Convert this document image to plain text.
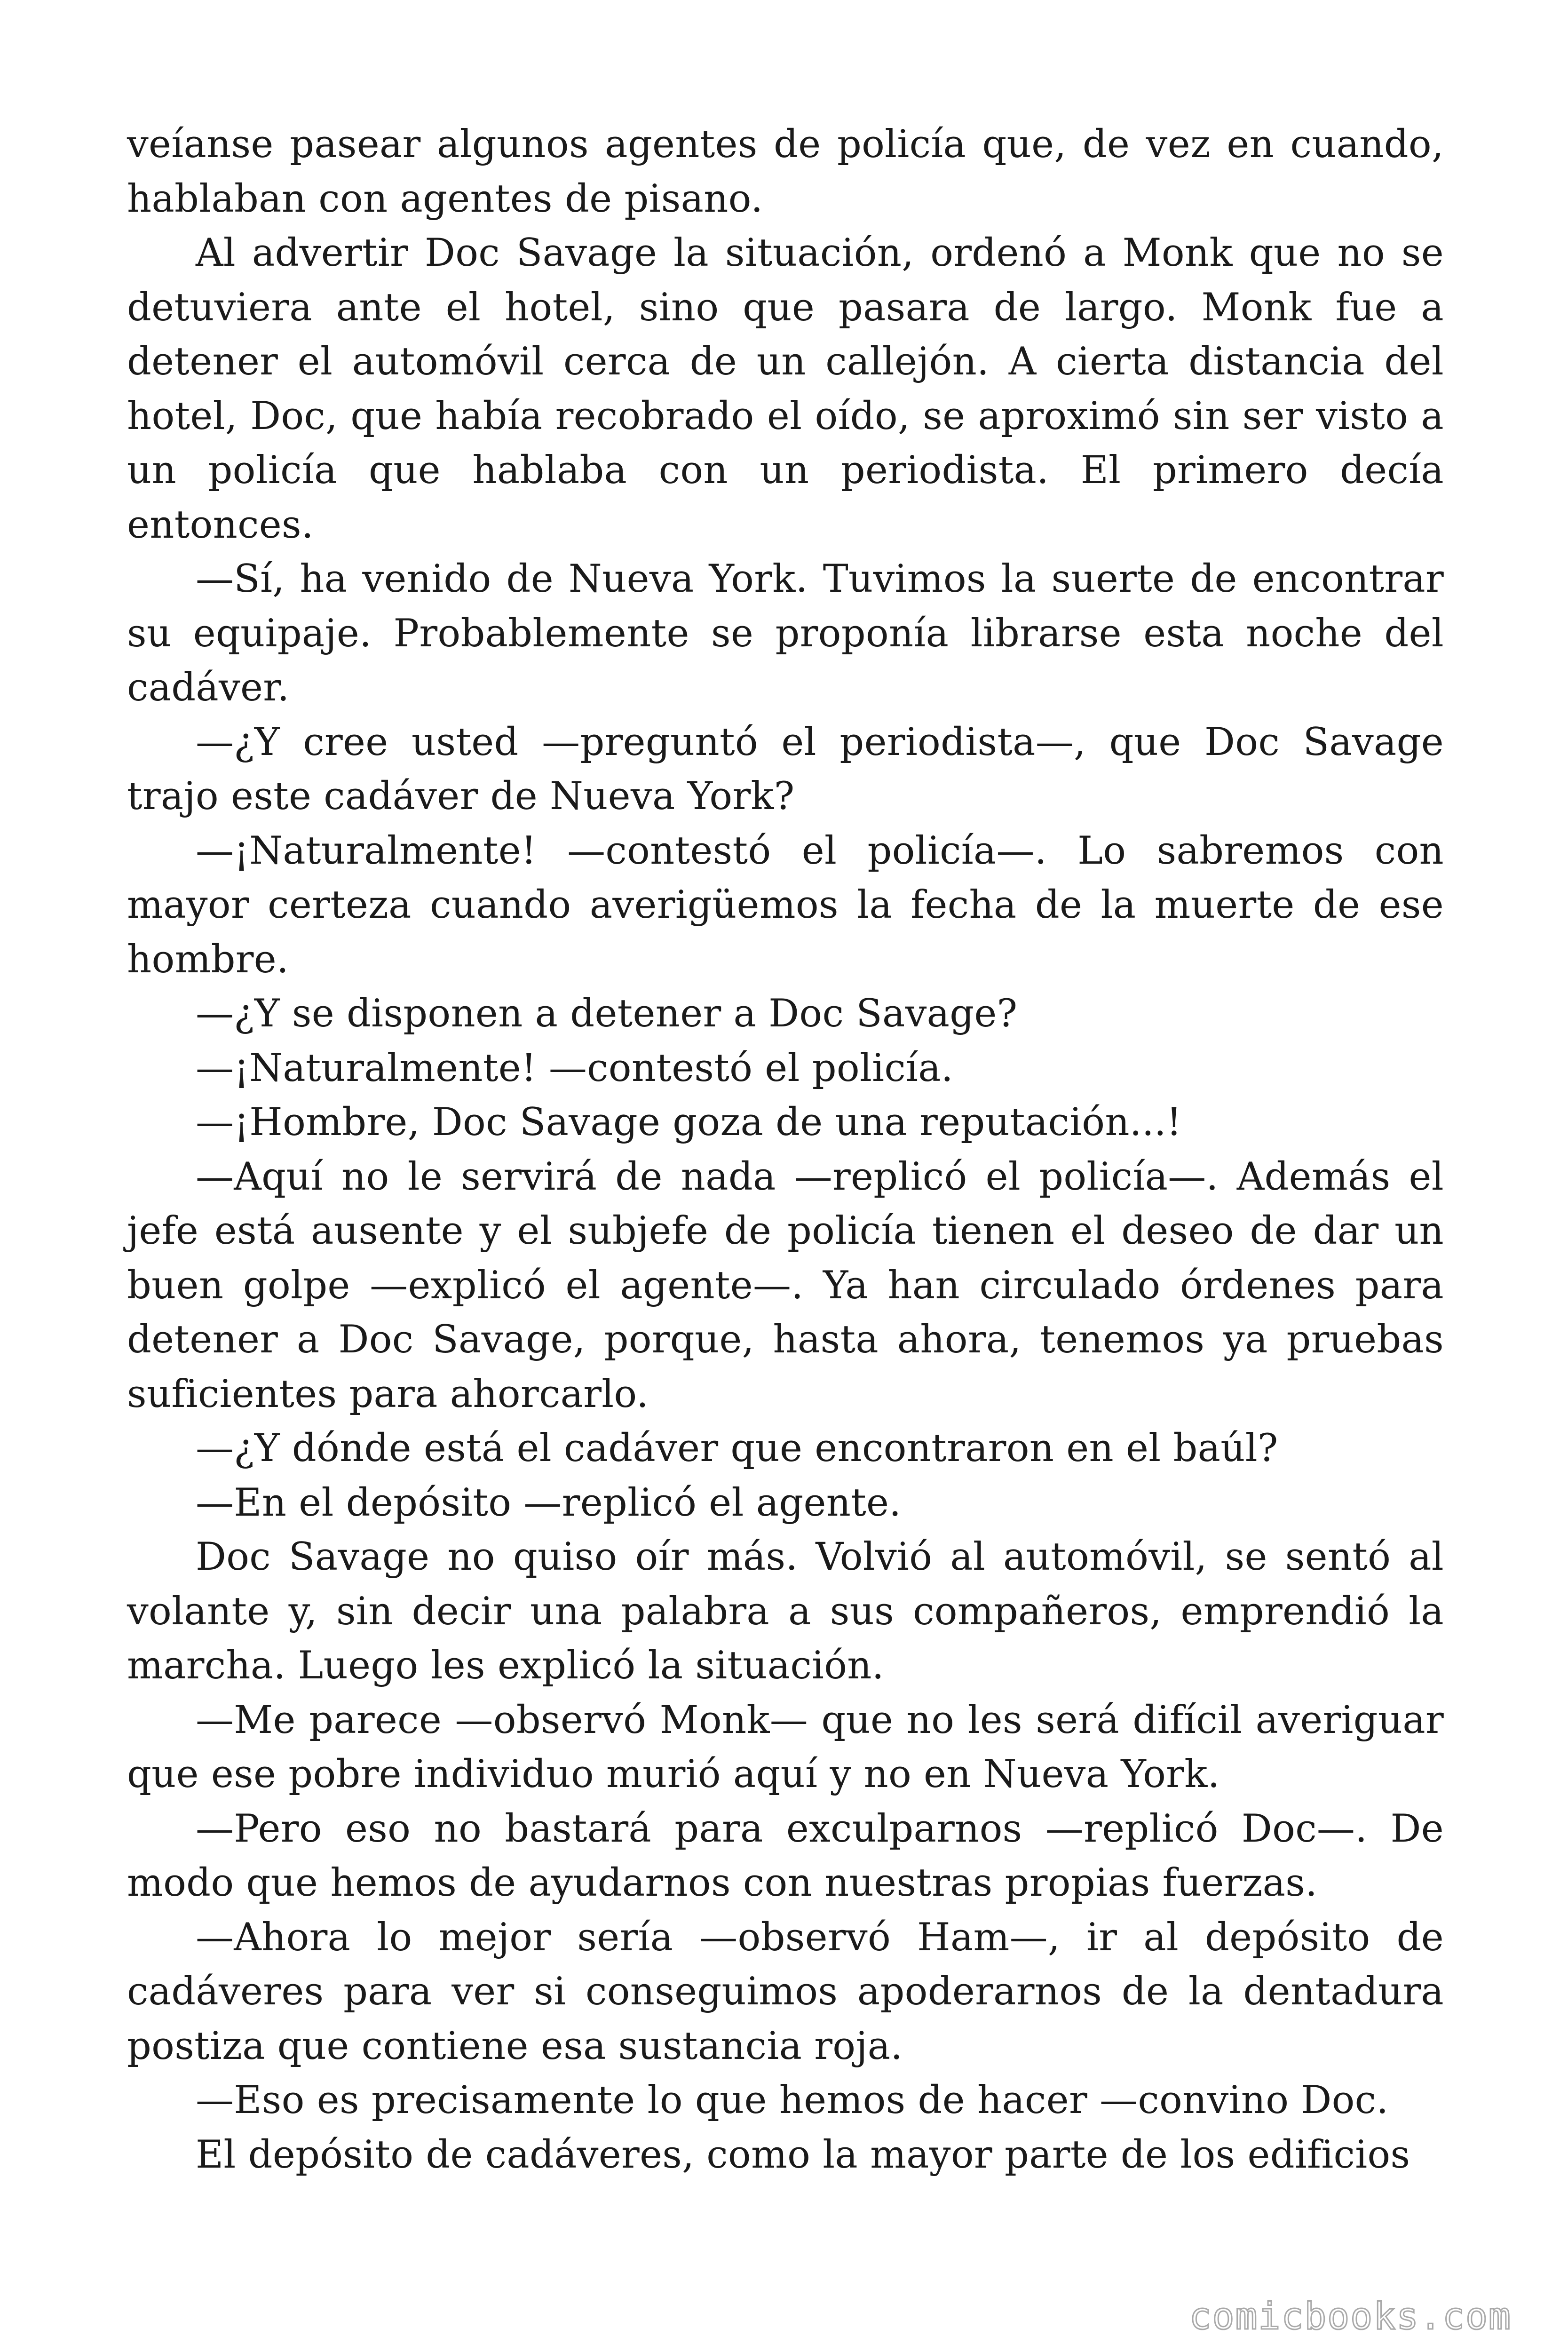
veíanse pasear algunos agentes de policía que, de vez en cuando, hablaban con agentes de pisano.

Al advertir Doc Savage la situación, ordenó a Monk que no se detuviera ante el hotel, sino que pasara de largo. Monk fue a detener el automóvil cerca de un callejón. A cierta distancia del hotel, Doc, que había recobrado el oído, se aproximó sin ser visto a un policía que hablaba con un periodista. El primero decía entonces.

—Sí, ha venido de Nueva York. Tuvimos la suerte de encontrar su equipaje. Probablemente se proponía librarse esta noche del cadáver.

—¿Y cree usted —preguntó el periodista—, que Doc Savage trajo este cadáver de Nueva York?

—¡Naturalmente! —contestó el policía—. Lo sabremos con mayor certeza cuando averigüemos la fecha de la muerte de ese hombre.

—¿Y se disponen a detener a Doc Savage?

—¡Naturalmente! —contestó el policía.

—¡Hombre, Doc Savage goza de una reputación...!

—Aquí no le servirá de nada —replicó el policía—. Además el jefe está ausente y el subjefe de policía tienen el deseo de dar un buen golpe —explicó el agente—. Ya han circulado órdenes para detener a Doc Savage, porque, hasta ahora, tenemos ya pruebas suficientes para ahorcarlo.

—¿Y dónde está el cadáver que encontraron en el baúl?

—En el depósito —replicó el agente.

Doc Savage no quiso oír más. Volvió al automóvil, se sentó al volante y, sin decir una palabra a sus compañeros, emprendió la marcha. Luego les explicó la situación.

—Me parece —observó Monk— que no les será difícil averiguar que ese pobre individuo murió aquí y no en Nueva York.

—Pero eso no bastará para exculparnos —replicó Doc—. De modo que hemos de ayudarnos con nuestras propias fuerzas.

—Ahora lo mejor sería —observó Ham—, ir al depósito de cadáveres para ver si conseguimos apoderarnos de la dentadura postiza que contiene esa sustancia roja.

—Eso es precisamente lo que hemos de hacer —convino Doc.

El depósito de cadáveres, como la mayor parte de los edificios

comicbooks.com
